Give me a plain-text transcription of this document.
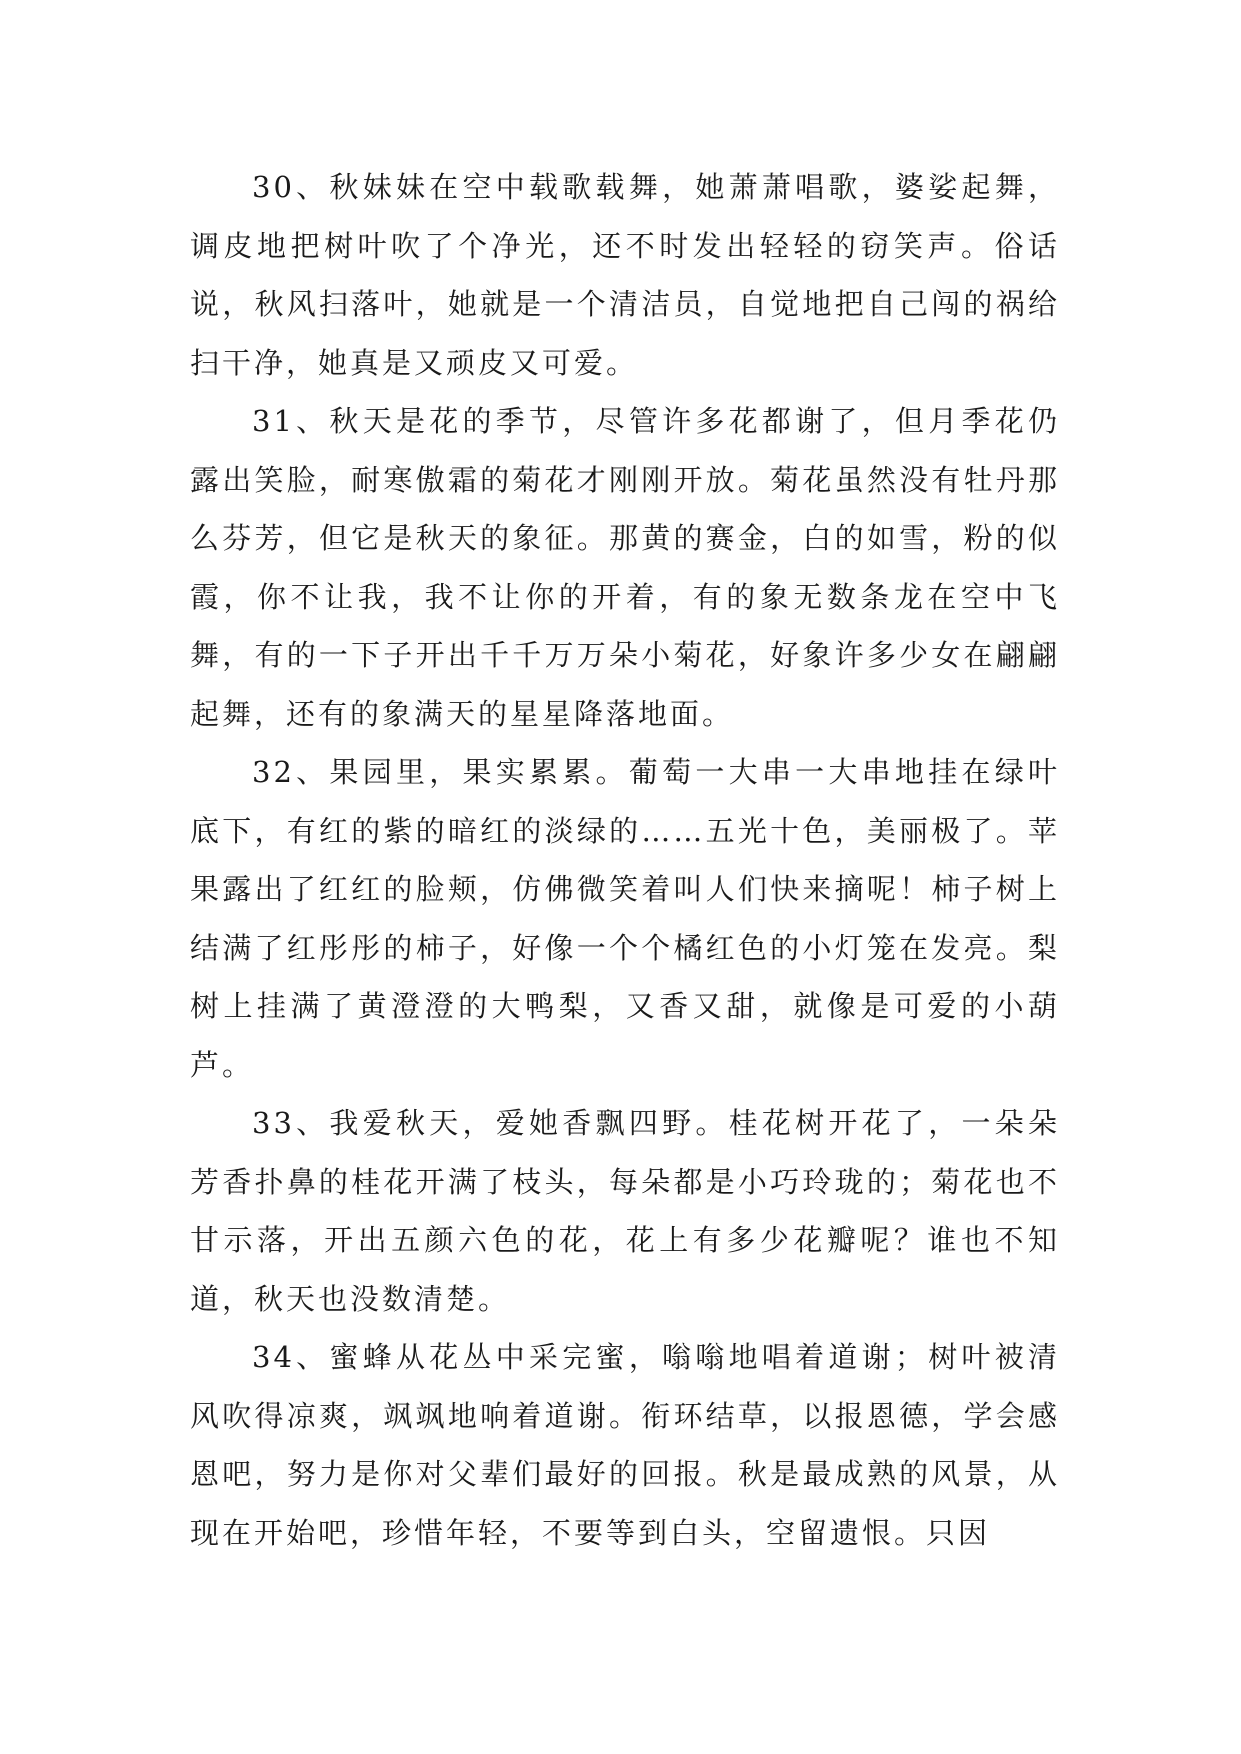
30、秋妹妹在空中载歌载舞，她萧萧唱歌，婆娑起舞，调皮地把树叶吹了个净光，还不时发出轻轻的窃笑声。俗话说，秋风扫落叶，她就是一个清洁员，自觉地把自己闯的祸给扫干净，她真是又顽皮又可爱。

31、秋天是花的季节，尽管许多花都谢了，但月季花仍露出笑脸，耐寒傲霜的菊花才刚刚开放。菊花虽然没有牡丹那么芬芳，但它是秋天的象征。那黄的赛金，白的如雪，粉的似霞，你不让我，我不让你的开着，有的象无数条龙在空中飞舞，有的一下子开出千千万万朵小菊花，好象许多少女在翩翩起舞，还有的象满天的星星降落地面。

32、果园里，果实累累。葡萄一大串一大串地挂在绿叶底下，有红的紫的暗红的淡绿的……五光十色，美丽极了。苹果露出了红红的脸颊，仿佛微笑着叫人们快来摘呢！柿子树上结满了红彤彤的柿子，好像一个个橘红色的小灯笼在发亮。梨树上挂满了黄澄澄的大鸭梨，又香又甜，就像是可爱的小葫芦。

33、我爱秋天，爱她香飘四野。桂花树开花了，一朵朵芳香扑鼻的桂花开满了枝头，每朵都是小巧玲珑的；菊花也不甘示落，开出五颜六色的花，花上有多少花瓣呢？谁也不知道，秋天也没数清楚。

34、蜜蜂从花丛中采完蜜，嗡嗡地唱着道谢；树叶被清风吹得凉爽，飒飒地响着道谢。衔环结草，以报恩德，学会感恩吧，努力是你对父辈们最好的回报。秋是最成熟的风景，从现在开始吧，珍惜年轻，不要等到白头，空留遗恨。只因
